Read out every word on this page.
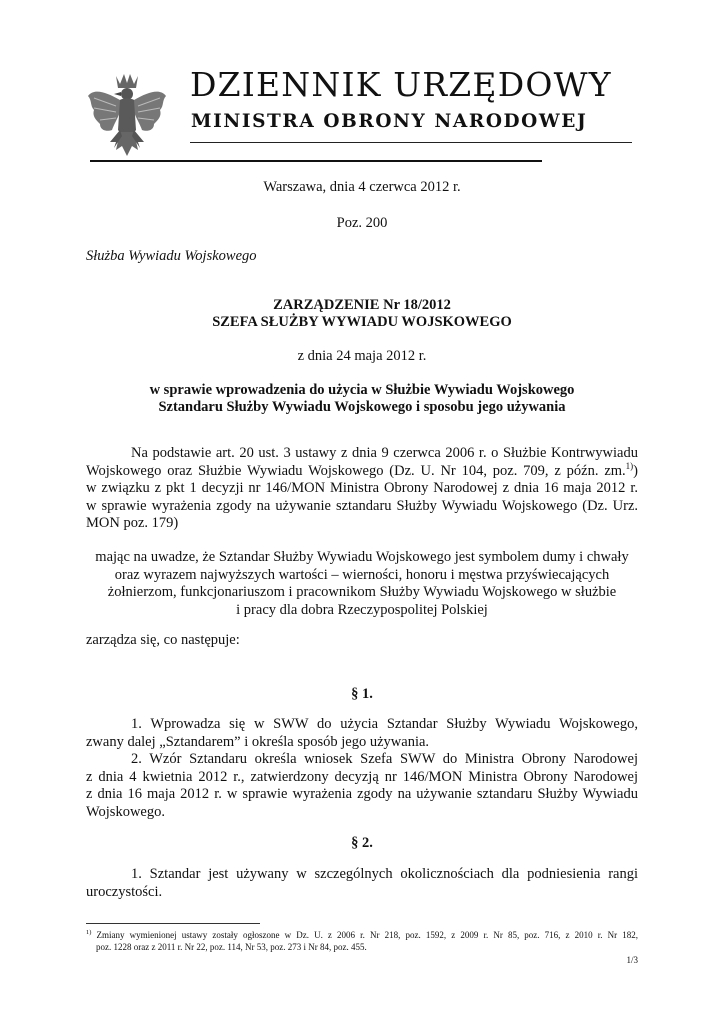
DZIENNIK URZĘDOWY
MINISTRA OBRONY NARODOWEJ
Warszawa, dnia 4 czerwca 2012 r.
Poz. 200
Służba Wywiadu Wojskowego
ZARZĄDZENIE Nr 18/2012
SZEFA SŁUŻBY WYWIADU WOJSKOWEGO
z dnia 24 maja 2012 r.
w sprawie wprowadzenia do użycia w Służbie Wywiadu Wojskowego
Sztandaru Służby Wywiadu Wojskowego i sposobu jego używania
Na podstawie art. 20 ust. 3 ustawy z dnia 9 czerwca 2006 r. o Służbie Kontrwywiadu
Wojskowego oraz Służbie Wywiadu Wojskowego (Dz. U. Nr 104, poz. 709, z późn. zm.$^{1)}$)
w związku z pkt 1 decyzji nr 146/MON Ministra Obrony Narodowej z dnia 16 maja 2012 r.
w sprawie wyrażenia zgody na używanie sztandaru Służby Wywiadu Wojskowego (Dz. Urz.
MON poz. 179)
mając na uwadze, że Sztandar Służby Wywiadu Wojskowego jest symbolem dumy i chwały
oraz wyrazem najwyższych wartości – wierności, honoru i męstwa przyświecających
żołnierzom, funkcjonariuszom i pracownikom Służby Wywiadu Wojskowego w służbie
i pracy dla dobra Rzeczypospolitej Polskiej
zarządza się, co następuje:
§ 1.
1. Wprowadza się w SWW do użycia Sztandar Służby Wywiadu Wojskowego,
zwany dalej „Sztandarem” i określa sposób jego używania.
2. Wzór Sztandaru określa wniosek Szefa SWW do Ministra Obrony Narodowej
z dnia 4 kwietnia 2012 r., zatwierdzony decyzją nr 146/MON Ministra Obrony Narodowej
z dnia 16 maja 2012 r. w sprawie wyrażenia zgody na używanie sztandaru Służby Wywiadu
Wojskowego.
§ 2.
1. Sztandar jest używany w szczególnych okolicznościach dla podniesienia rangi
uroczystości.
$^{1)}$ Zmiany wymienionej ustawy zostały ogłoszone w Dz. U. z 2006 r. Nr 218, poz. 1592, z 2009 r. Nr 85, poz. 716, z 2010 r. Nr 182,
poz. 1228 oraz z 2011 r. Nr 22, poz. 114, Nr 53, poz. 273 i Nr 84, poz. 455.
1/3
